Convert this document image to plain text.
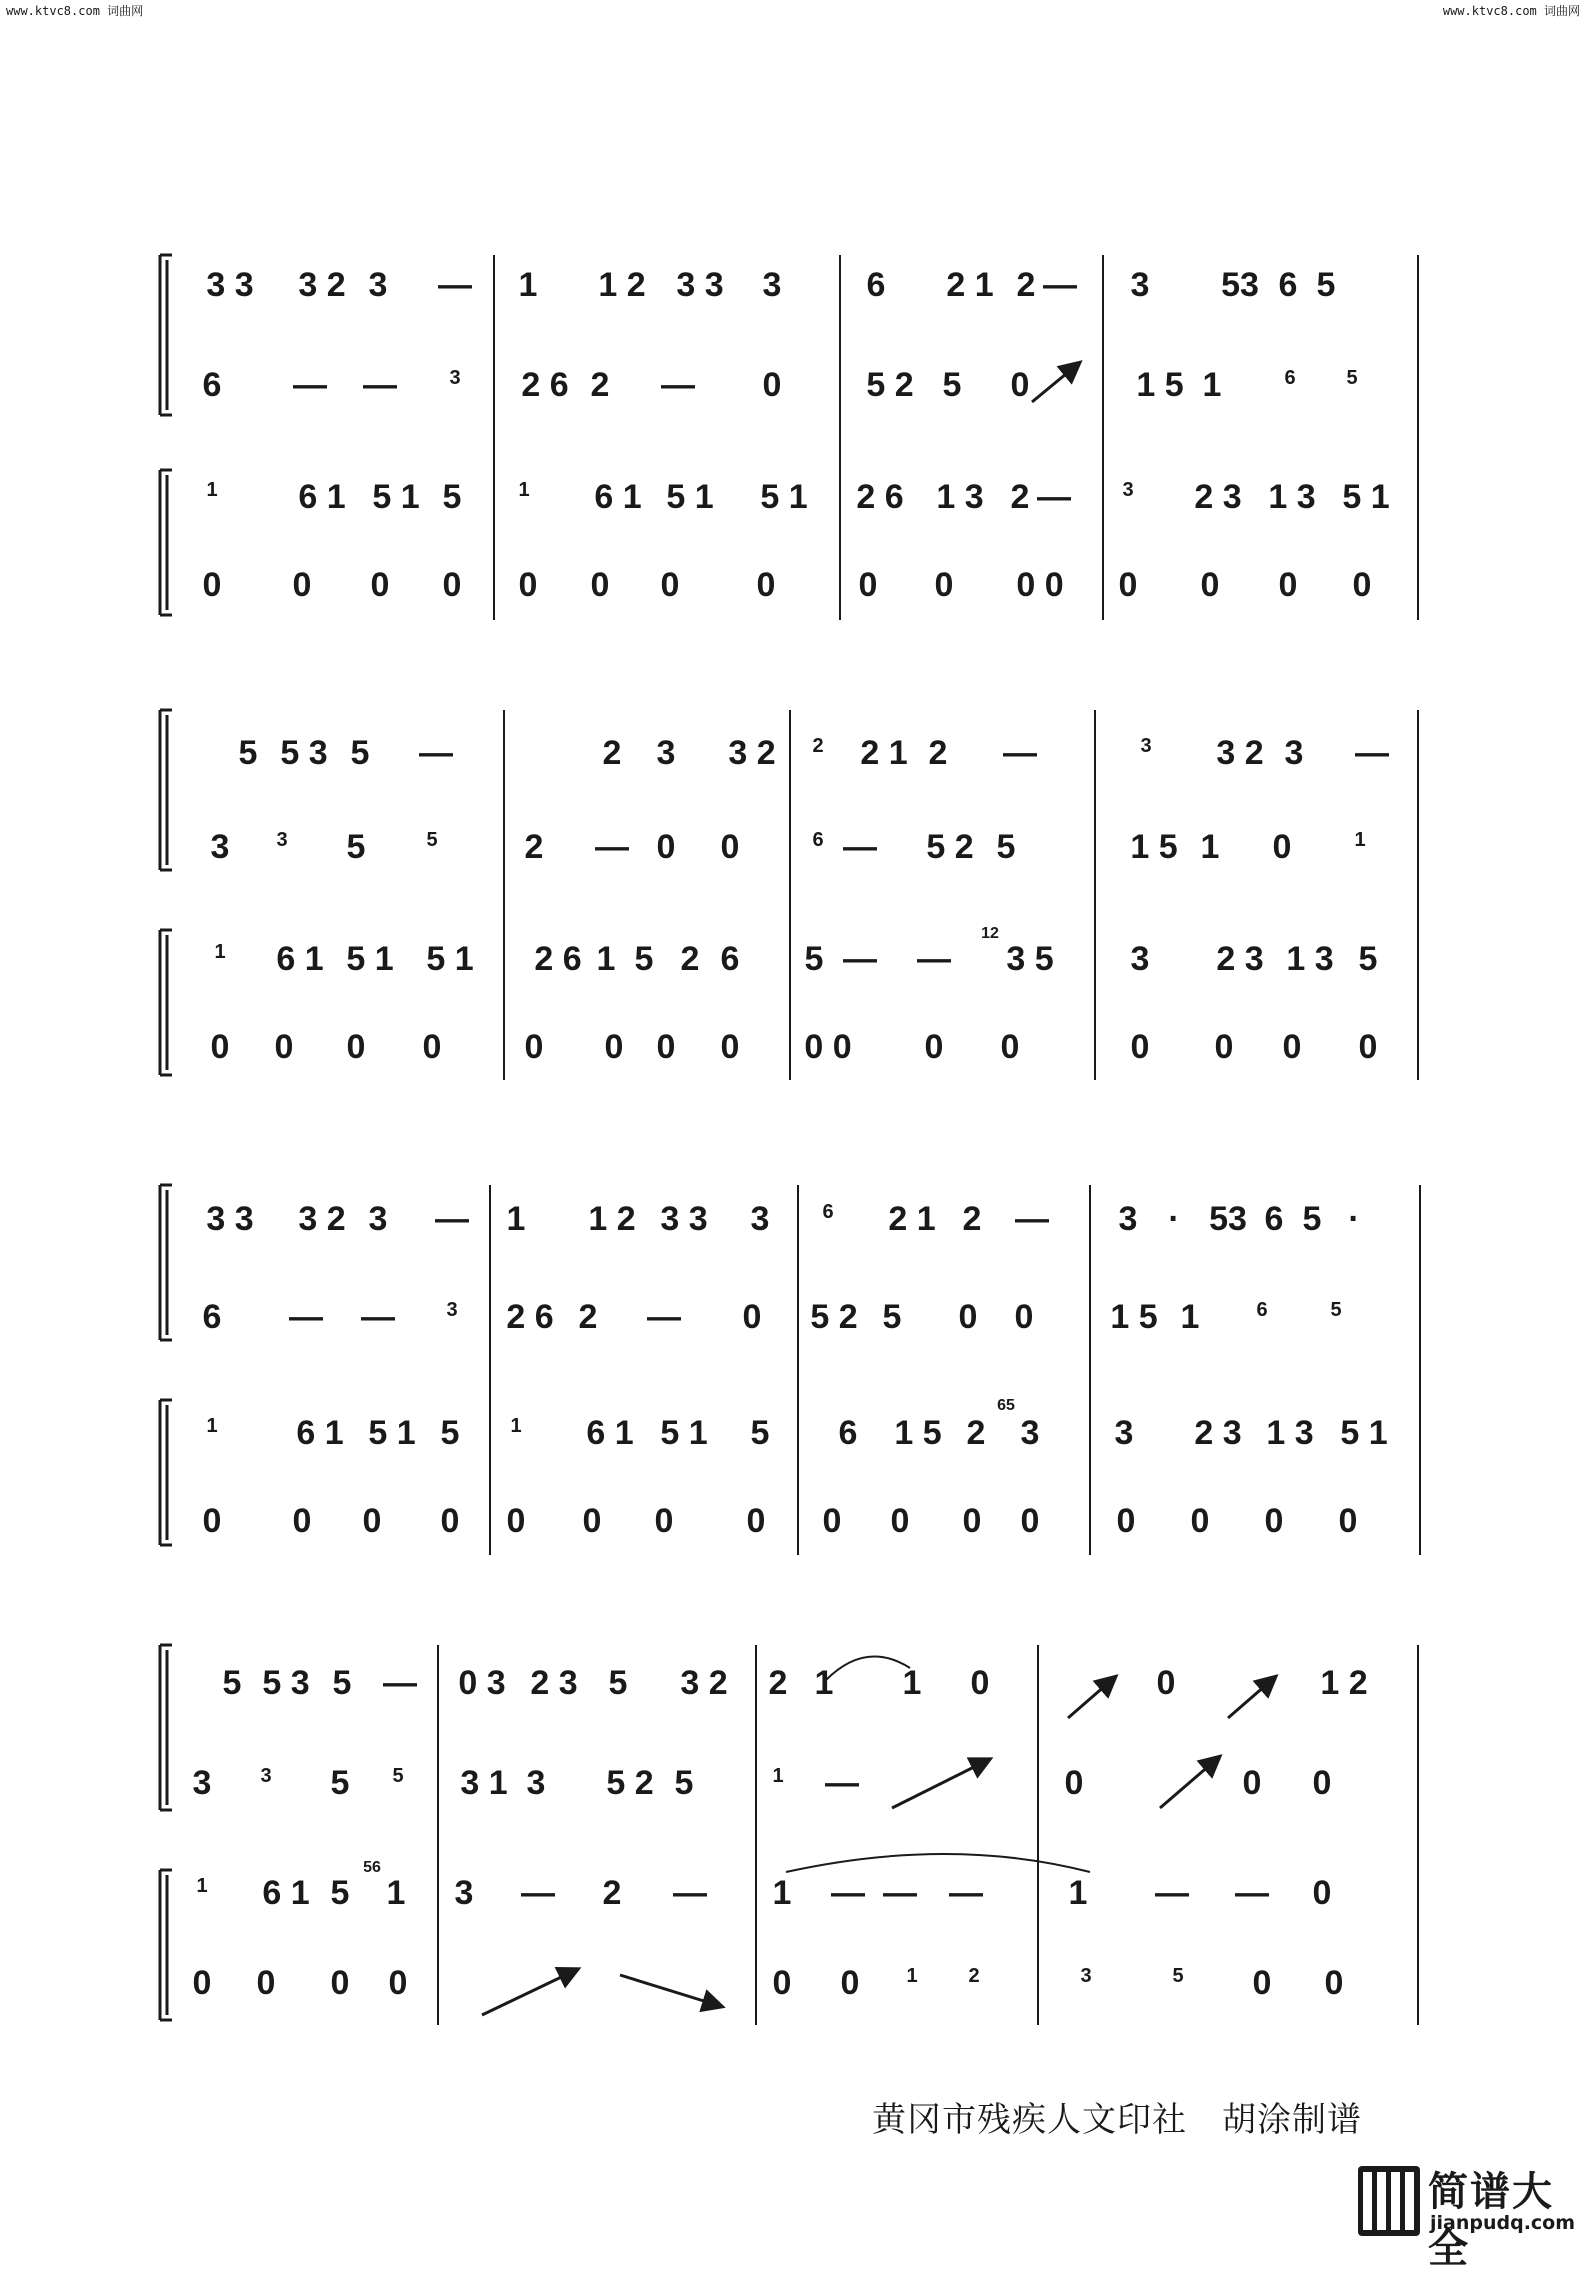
www.ktvc8.com 词曲网	www.ktvc8.com 词曲网
3 3 3 2 3 — 1 1 2 3 3 3	6 2 1 2 — 3 53 6 5
6 — —	3 2 6 2 — 0 5 2 5 0	1 5 1	6	5
1 6 1 5 1 5	1 6 1 5 1 5 1 2 6 1 3 2 —	3 2 3 1 3 5 1
0 0 0 0 0 0 0 0 0 0 0 0 0 0 0 0
5 5 3 5 —	2 3 3 2 2 2 1 2 —	3 3 2 3 —
3 3 5	5	2 — 0 0	6 — 5 2 5	1 5 1 0	1
1 6 1 5 1 5 1 2 6 1 5 2 6 5 — — 3 5 3 2 3 1 3 5
12
0 0 0 0 0 0 0 0 0 0 0 0	0 0 0 0
3 3 3 2 3 — 1 1 2 3 3 3	6 2 1 2 — 3 · 53 6 5 ·
6 — —	3 2 6 2 — 0 5 2 5 0 0 1 5 1	6	5
1 6 1 5 1 5	1 6 1 5 1 5 6 1 5 2 3 3 2 3 1 3 5 1
65
0 0 0 0 0 0 0 0 0 0 0 0 0 0 0 0
5 5 3 5 — 0 3 2 3 5 3 2 2 1 1 0	0	1 2
3 3 5 5 3 1 3 5 2 5	1 —	0	0 0
1 6 1 5 1 3 — 2 — 1 — — —	1 — — 0
56
0 0 0 0	0 0 1	2	3	5 0 0
黄冈市残疾人文印社　胡涂制谱
简谱大全
jianpudq.com
